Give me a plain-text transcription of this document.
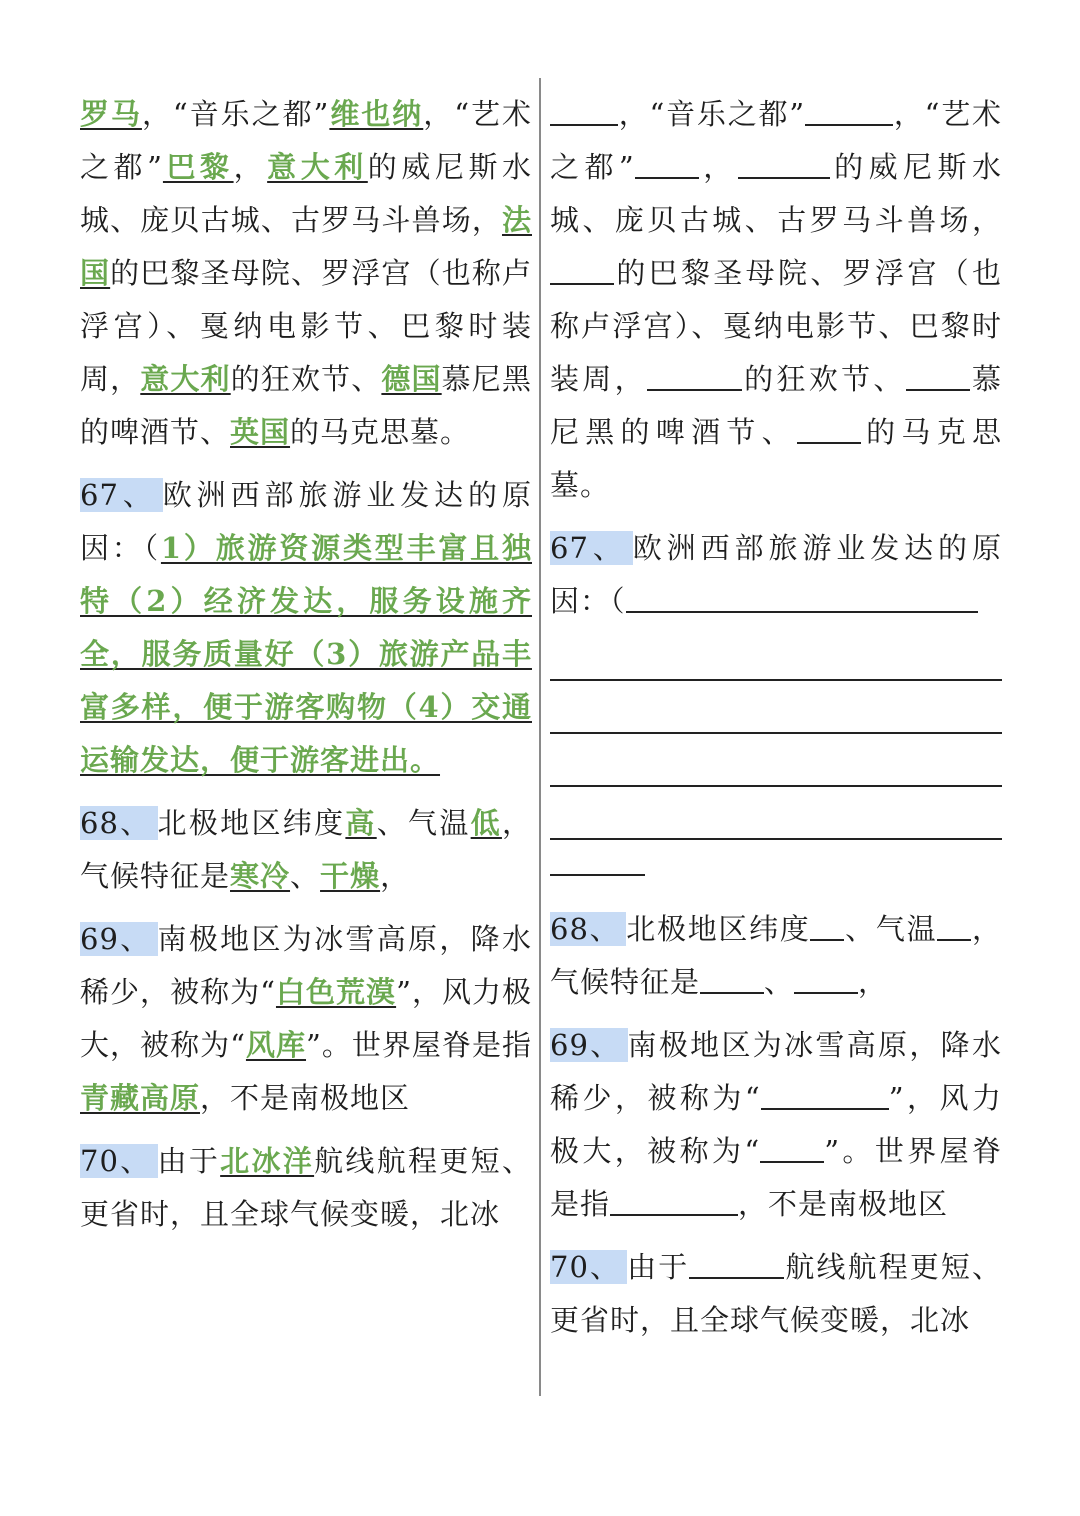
罗马，“音乐之都”维也纳，“艺术之都”巴黎，意大利的威尼斯水城、庞贝古城、古罗马斗兽场，法国的巴黎圣母院、罗浮宫（也称卢浮宫）、戛纳电影节、巴黎时装周，意大利的狂欢节、德国慕尼黑的啤酒节、英国的马克思墓。
67、 欧洲西部旅游业发达的原因：（1）旅游资源类型丰富且独特（2）经济发达，服务设施齐全，服务质量好（3）旅游产品丰富多样，便于游客购物（4）交通运输发达，便于游客进出。
68、 北极地区纬度高、气温低，气候特征是寒冷、干燥，
69、 南极地区为冰雪高原，降水稀少，被称为“白色荒漠”，风力极大，被称为“风库”。世界屋脊是指青藏高原，不是南极地区
70、 由于北冰洋航线航程更短、更省时，且全球气候变暖，北冰
，“音乐之都”	，“艺术之都” ，	的威尼斯水城、庞贝古城、古罗马斗兽场，的巴黎圣母院、罗浮宫（也称卢浮宫）、戛纳电影节、巴黎时装周，	的狂欢节、 慕尼黑的啤酒节、 的马克思墓。
67、 欧洲西部旅游业发达的原因：（
68、 北极地区纬度 、气温 ，气候特征是 、 ，
69、 南极地区为冰雪高原，降水稀少，被称为“	”，风力极大，被称为“ ”。世界屋脊是指	，不是南极地区
70、 由于	航线航程更短、更省时，且全球气候变暖，北冰
